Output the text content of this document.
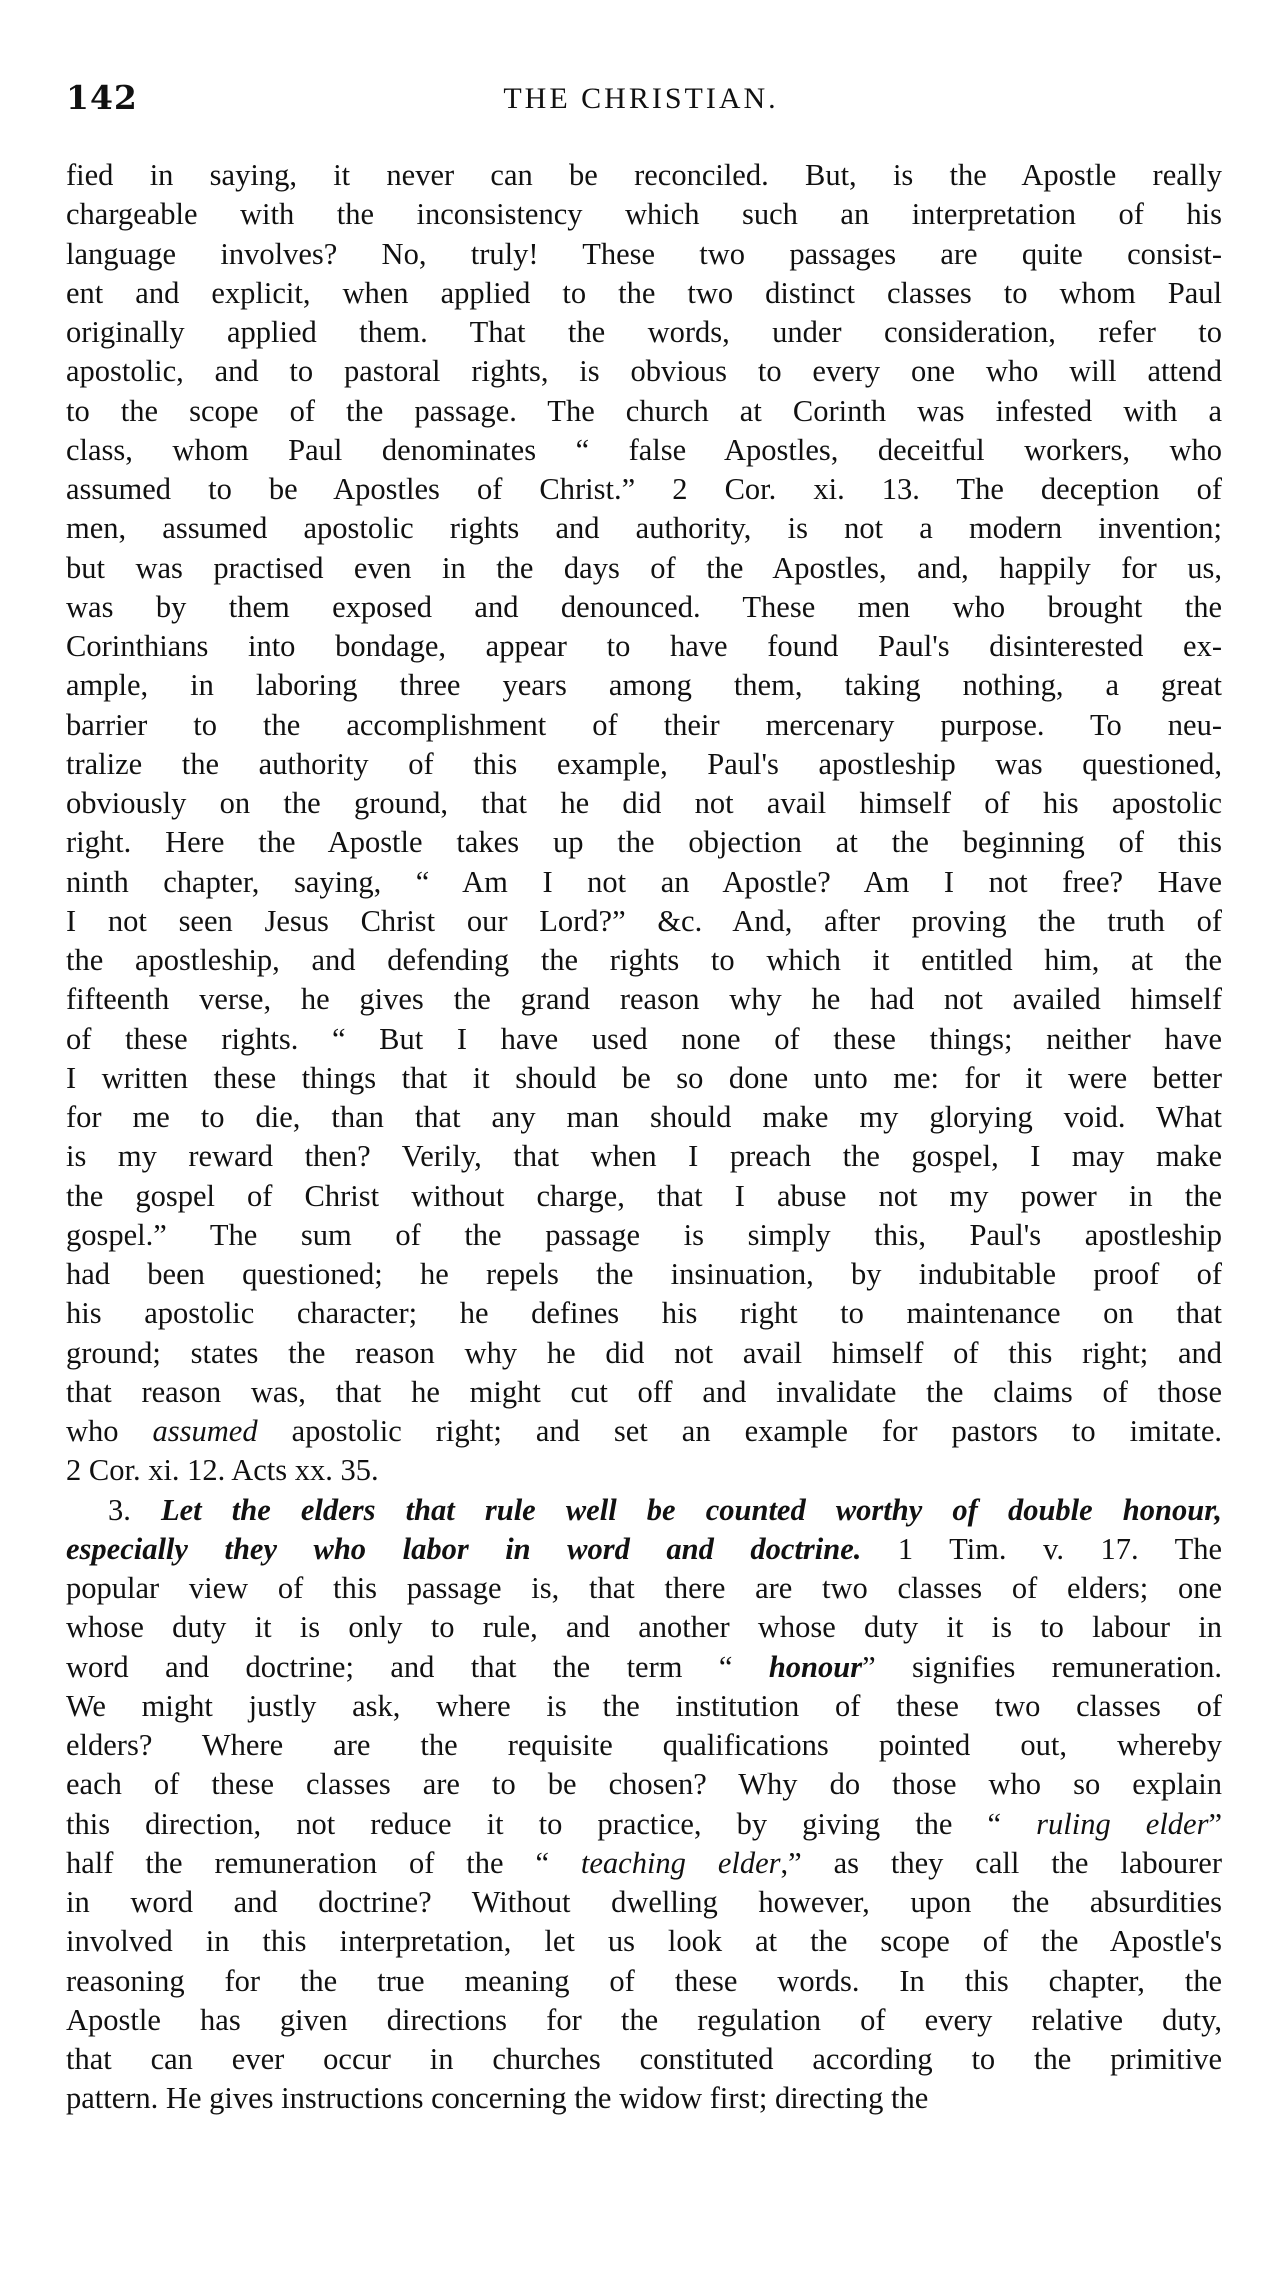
142	THE CHRISTIAN.
fied in saying, it never can be reconciled. But, is the Apostle really
chargeable with the inconsistency which such an interpretation of his
language involves? No, truly! These two passages are quite consist-
ent and explicit, when applied to the two distinct classes to whom Paul
originally applied them. That the words, under consideration, refer to
apostolic, and to pastoral rights, is obvious to every one who will attend
to the scope of the passage. The church at Corinth was infested with a
class, whom Paul denominates “ false Apostles, deceitful workers, who
assumed to be Apostles of Christ.” 2 Cor. xi. 13. The deception of
men, assumed apostolic rights and authority, is not a modern invention;
but was practised even in the days of the Apostles, and, happily for us,
was by them exposed and denounced. These men who brought the
Corinthians into bondage, appear to have found Paul's disinterested ex-
ample, in laboring three years among them, taking nothing, a great
barrier to the accomplishment of their mercenary purpose. To neu-
tralize the authority of this example, Paul's apostleship was questioned,
obviously on the ground, that he did not avail himself of his apostolic
right. Here the Apostle takes up the objection at the beginning of this
ninth chapter, saying, “ Am I not an Apostle? Am I not free? Have
I not seen Jesus Christ our Lord?” &c. And, after proving the truth of
the apostleship, and defending the rights to which it entitled him, at the
fifteenth verse, he gives the grand reason why he had not availed himself
of these rights. “ But I have used none of these things; neither have
I written these things that it should be so done unto me: for it were better
for me to die, than that any man should make my glorying void. What
is my reward then? Verily, that when I preach the gospel, I may make
the gospel of Christ without charge, that I abuse not my power in the
gospel.” The sum of the passage is simply this, Paul's apostleship
had been questioned; he repels the insinuation, by indubitable proof of
his apostolic character; he defines his right to maintenance on that
ground; states the reason why he did not avail himself of this right; and
that reason was, that he might cut off and invalidate the claims of those
who assumed apostolic right; and set an example for pastors to imitate.
2 Cor. xi. 12. Acts xx. 35.
3. Let the elders that rule well be counted worthy of double honour,
especially they who labor in word and doctrine. 1 Tim. v. 17. The
popular view of this passage is, that there are two classes of elders; one
whose duty it is only to rule, and another whose duty it is to labour in
word and doctrine; and that the term “ honour” signifies remuneration.
We might justly ask, where is the institution of these two classes of
elders? Where are the requisite qualifications pointed out, whereby
each of these classes are to be chosen? Why do those who so explain
this direction, not reduce it to practice, by giving the “ ruling elder”
half the remuneration of the “ teaching elder,” as they call the labourer
in word and doctrine? Without dwelling however, upon the absurdities
involved in this interpretation, let us look at the scope of the Apostle's
reasoning for the true meaning of these words. In this chapter, the
Apostle has given directions for the regulation of every relative duty,
that can ever occur in churches constituted according to the primitive
pattern. He gives instructions concerning the widow first; directing the
